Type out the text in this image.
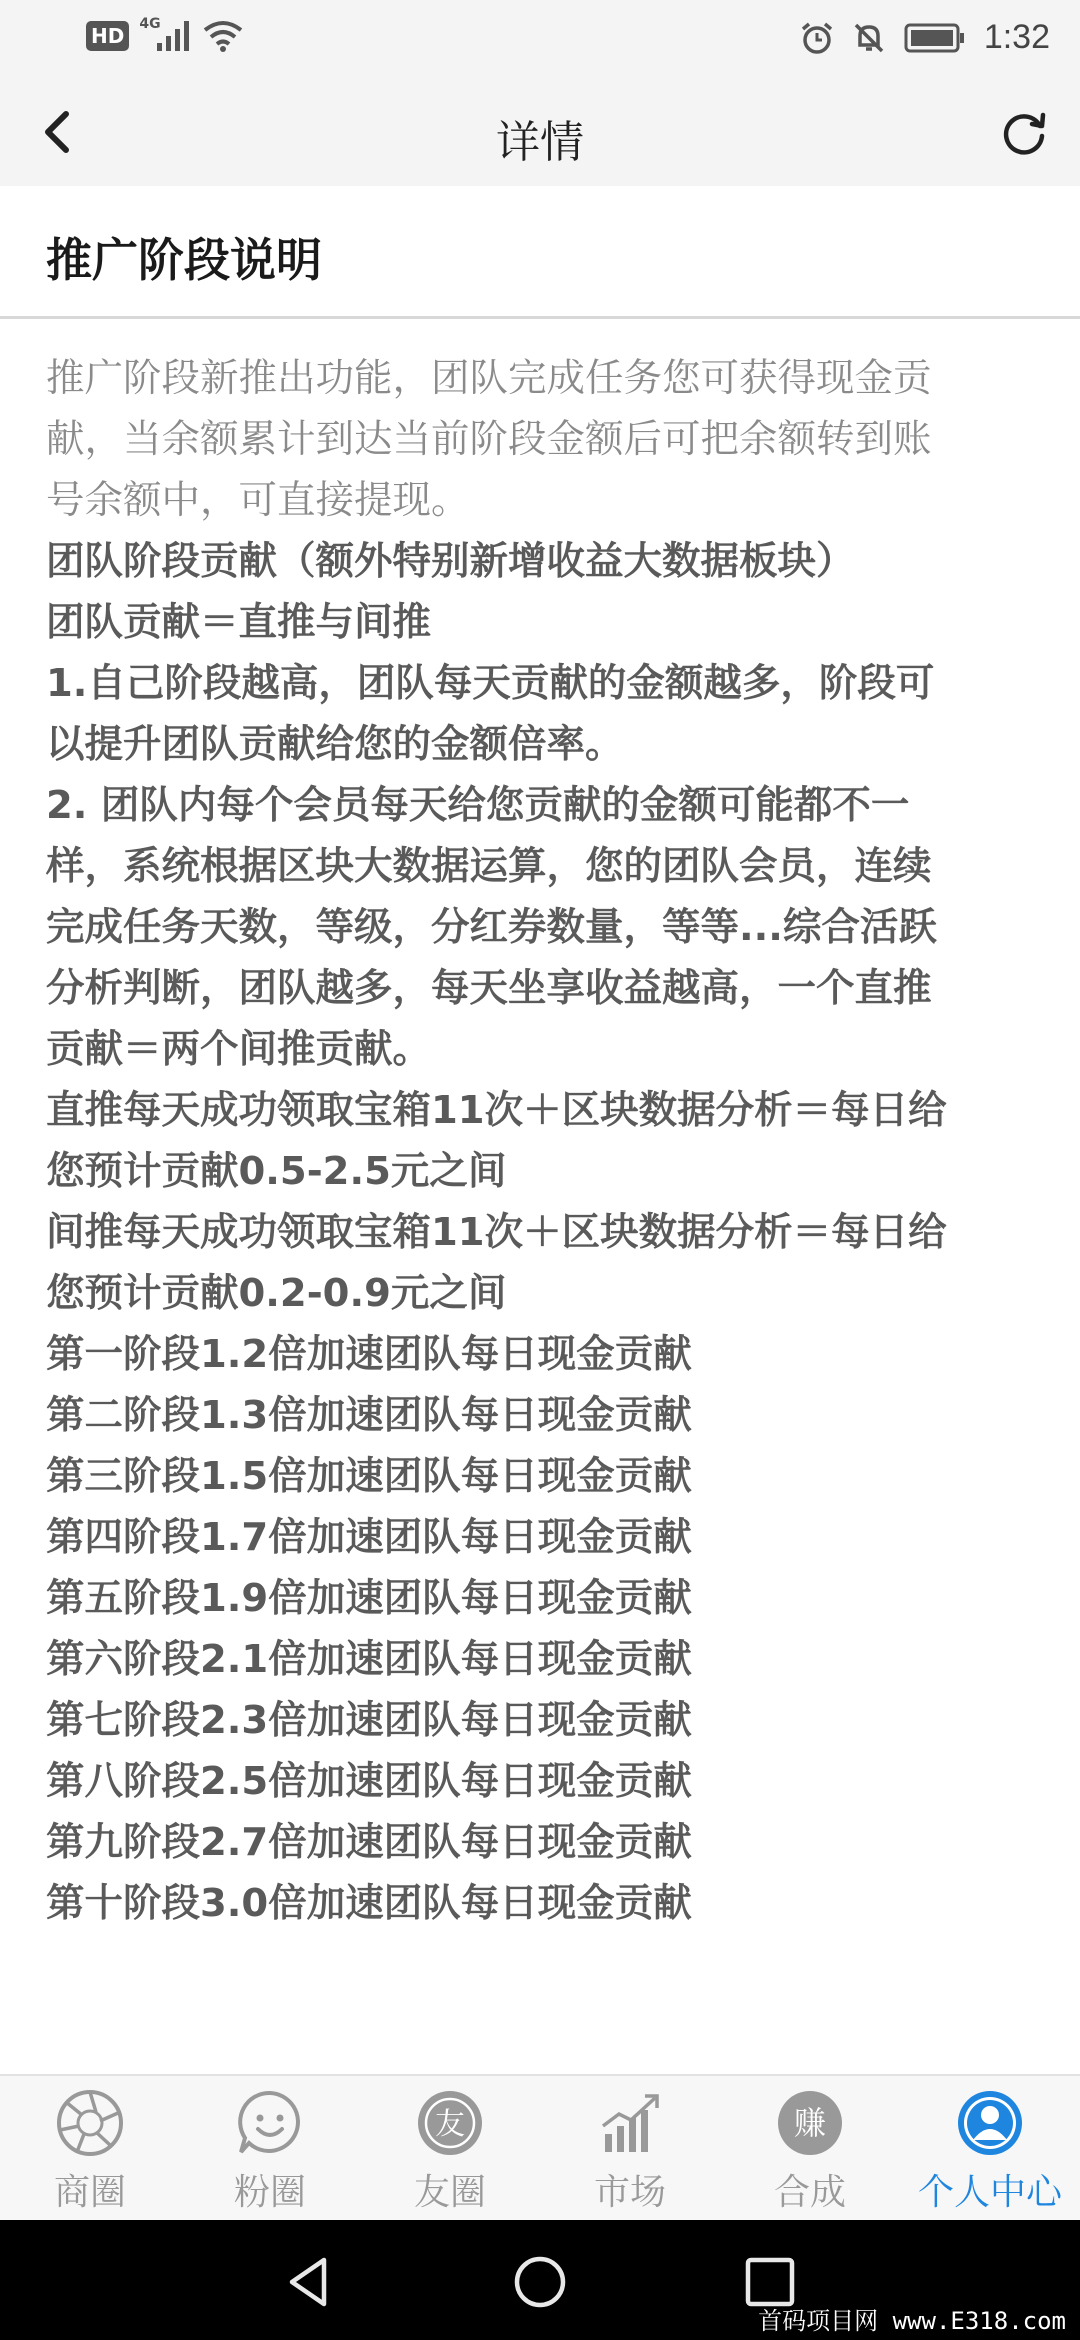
HD	4G	1:32
详情
推广阶段说明

推广阶段新推出功能，团队完成任务您可获得现金贡
献，当余额累计到达当前阶段金额后可把余额转到账
号余额中，可直接提现。

团队阶段贡献（额外特别新增收益大数据板块）
团队贡献＝直推与间推
1.自己阶段越高，团队每天贡献的金额越多，阶段可
以提升团队贡献给您的金额倍率。
2. 团队内每个会员每天给您贡献的金额可能都不一
样，系统根据区块大数据运算，您的团队会员，连续
完成任务天数，等级，分红券数量，等等...综合活跃
分析判断，团队越多，每天坐享收益越高，一个直推
贡献＝两个间推贡献。
直推每天成功领取宝箱11次＋区块数据分析＝每日给
您预计贡献0.5-2.5元之间
间推每天成功领取宝箱11次＋区块数据分析＝每日给
您预计贡献0.2-0.9元之间
第一阶段1.2倍加速团队每日现金贡献
第二阶段1.3倍加速团队每日现金贡献
第三阶段1.5倍加速团队每日现金贡献
第四阶段1.7倍加速团队每日现金贡献
第五阶段1.9倍加速团队每日现金贡献
第六阶段2.1倍加速团队每日现金贡献
第七阶段2.3倍加速团队每日现金贡献
第八阶段2.5倍加速团队每日现金贡献
第九阶段2.7倍加速团队每日现金贡献
第十阶段3.0倍加速团队每日现金贡献
商圈	粉圈
友
友圈	市场
赚
合成 个人中心
首码项目网 www.E318.com
